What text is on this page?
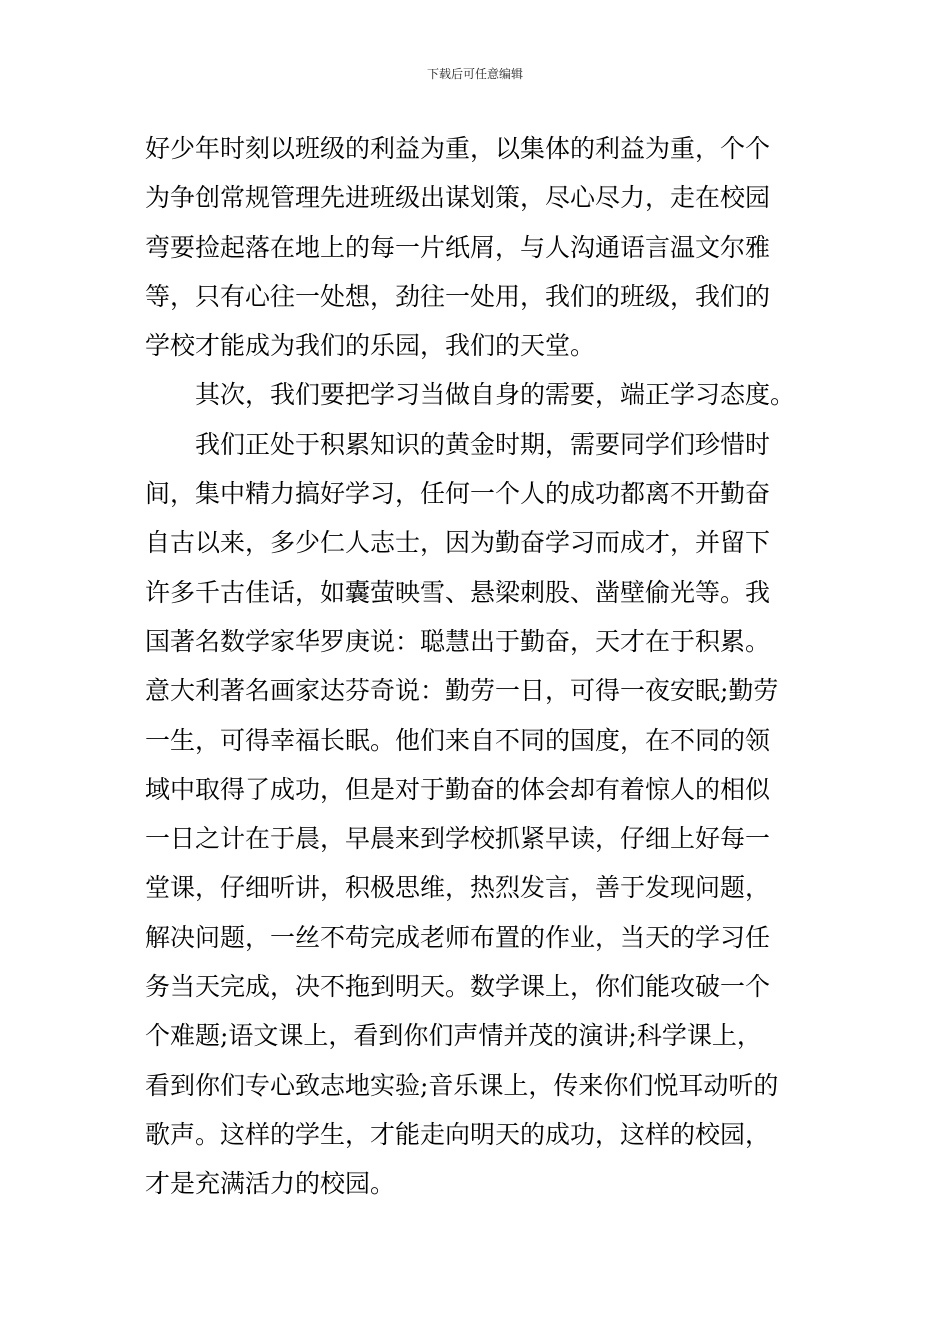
下载后可任意编辑
好少年时刻以班级的利益为重，以集体的利益为重，个个
为争创常规管理先进班级出谋划策，尽心尽力，走在校园
弯要捡起落在地上的每一片纸屑，与人沟通语言温文尔雅
等，只有心往一处想，劲往一处用，我们的班级，我们的
学校才能成为我们的乐园，我们的天堂。
其次，我们要把学习当做自身的需要，端正学习态度。
我们正处于积累知识的黄金时期，需要同学们珍惜时
间，集中精力搞好学习，任何一个人的成功都离不开勤奋
自古以来，多少仁人志士，因为勤奋学习而成才，并留下
许多千古佳话，如囊萤映雪、悬梁刺股、凿壁偷光等。我
国著名数学家华罗庚说：聪慧出于勤奋，天才在于积累。
意大利著名画家达芬奇说：勤劳一日，可得一夜安眠;勤劳
一生，可得幸福长眠。他们来自不同的国度，在不同的领
域中取得了成功，但是对于勤奋的体会却有着惊人的相似
一日之计在于晨，早晨来到学校抓紧早读，仔细上好每一
堂课，仔细听讲，积极思维，热烈发言，善于发现问题，
解决问题，一丝不苟完成老师布置的作业，当天的学习任
务当天完成，决不拖到明天。数学课上，你们能攻破一个
个难题;语文课上，看到你们声情并茂的演讲;科学课上，
看到你们专心致志地实验;音乐课上，传来你们悦耳动听的
歌声。这样的学生，才能走向明天的成功，这样的校园，
才是充满活力的校园。
